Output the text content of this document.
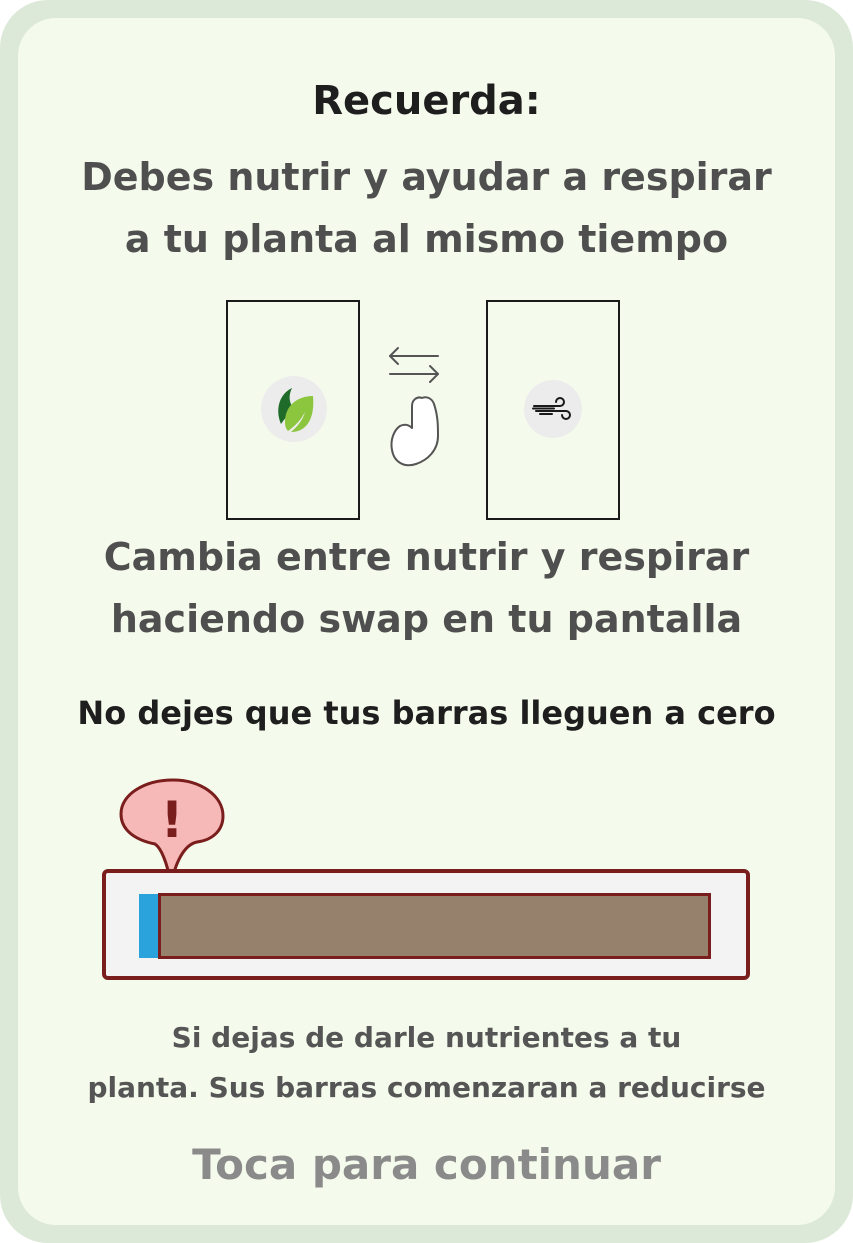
Recuerda:
Debes nutrir y ayudar a respirar
a tu planta al mismo tiempo
Cambia entre nutrir y respirar
haciendo swap en tu pantalla
No dejes que tus barras lleguen a cero
!
Si dejas de darle nutrientes a tu
planta. Sus barras comenzaran a reducirse
Toca para continuar
